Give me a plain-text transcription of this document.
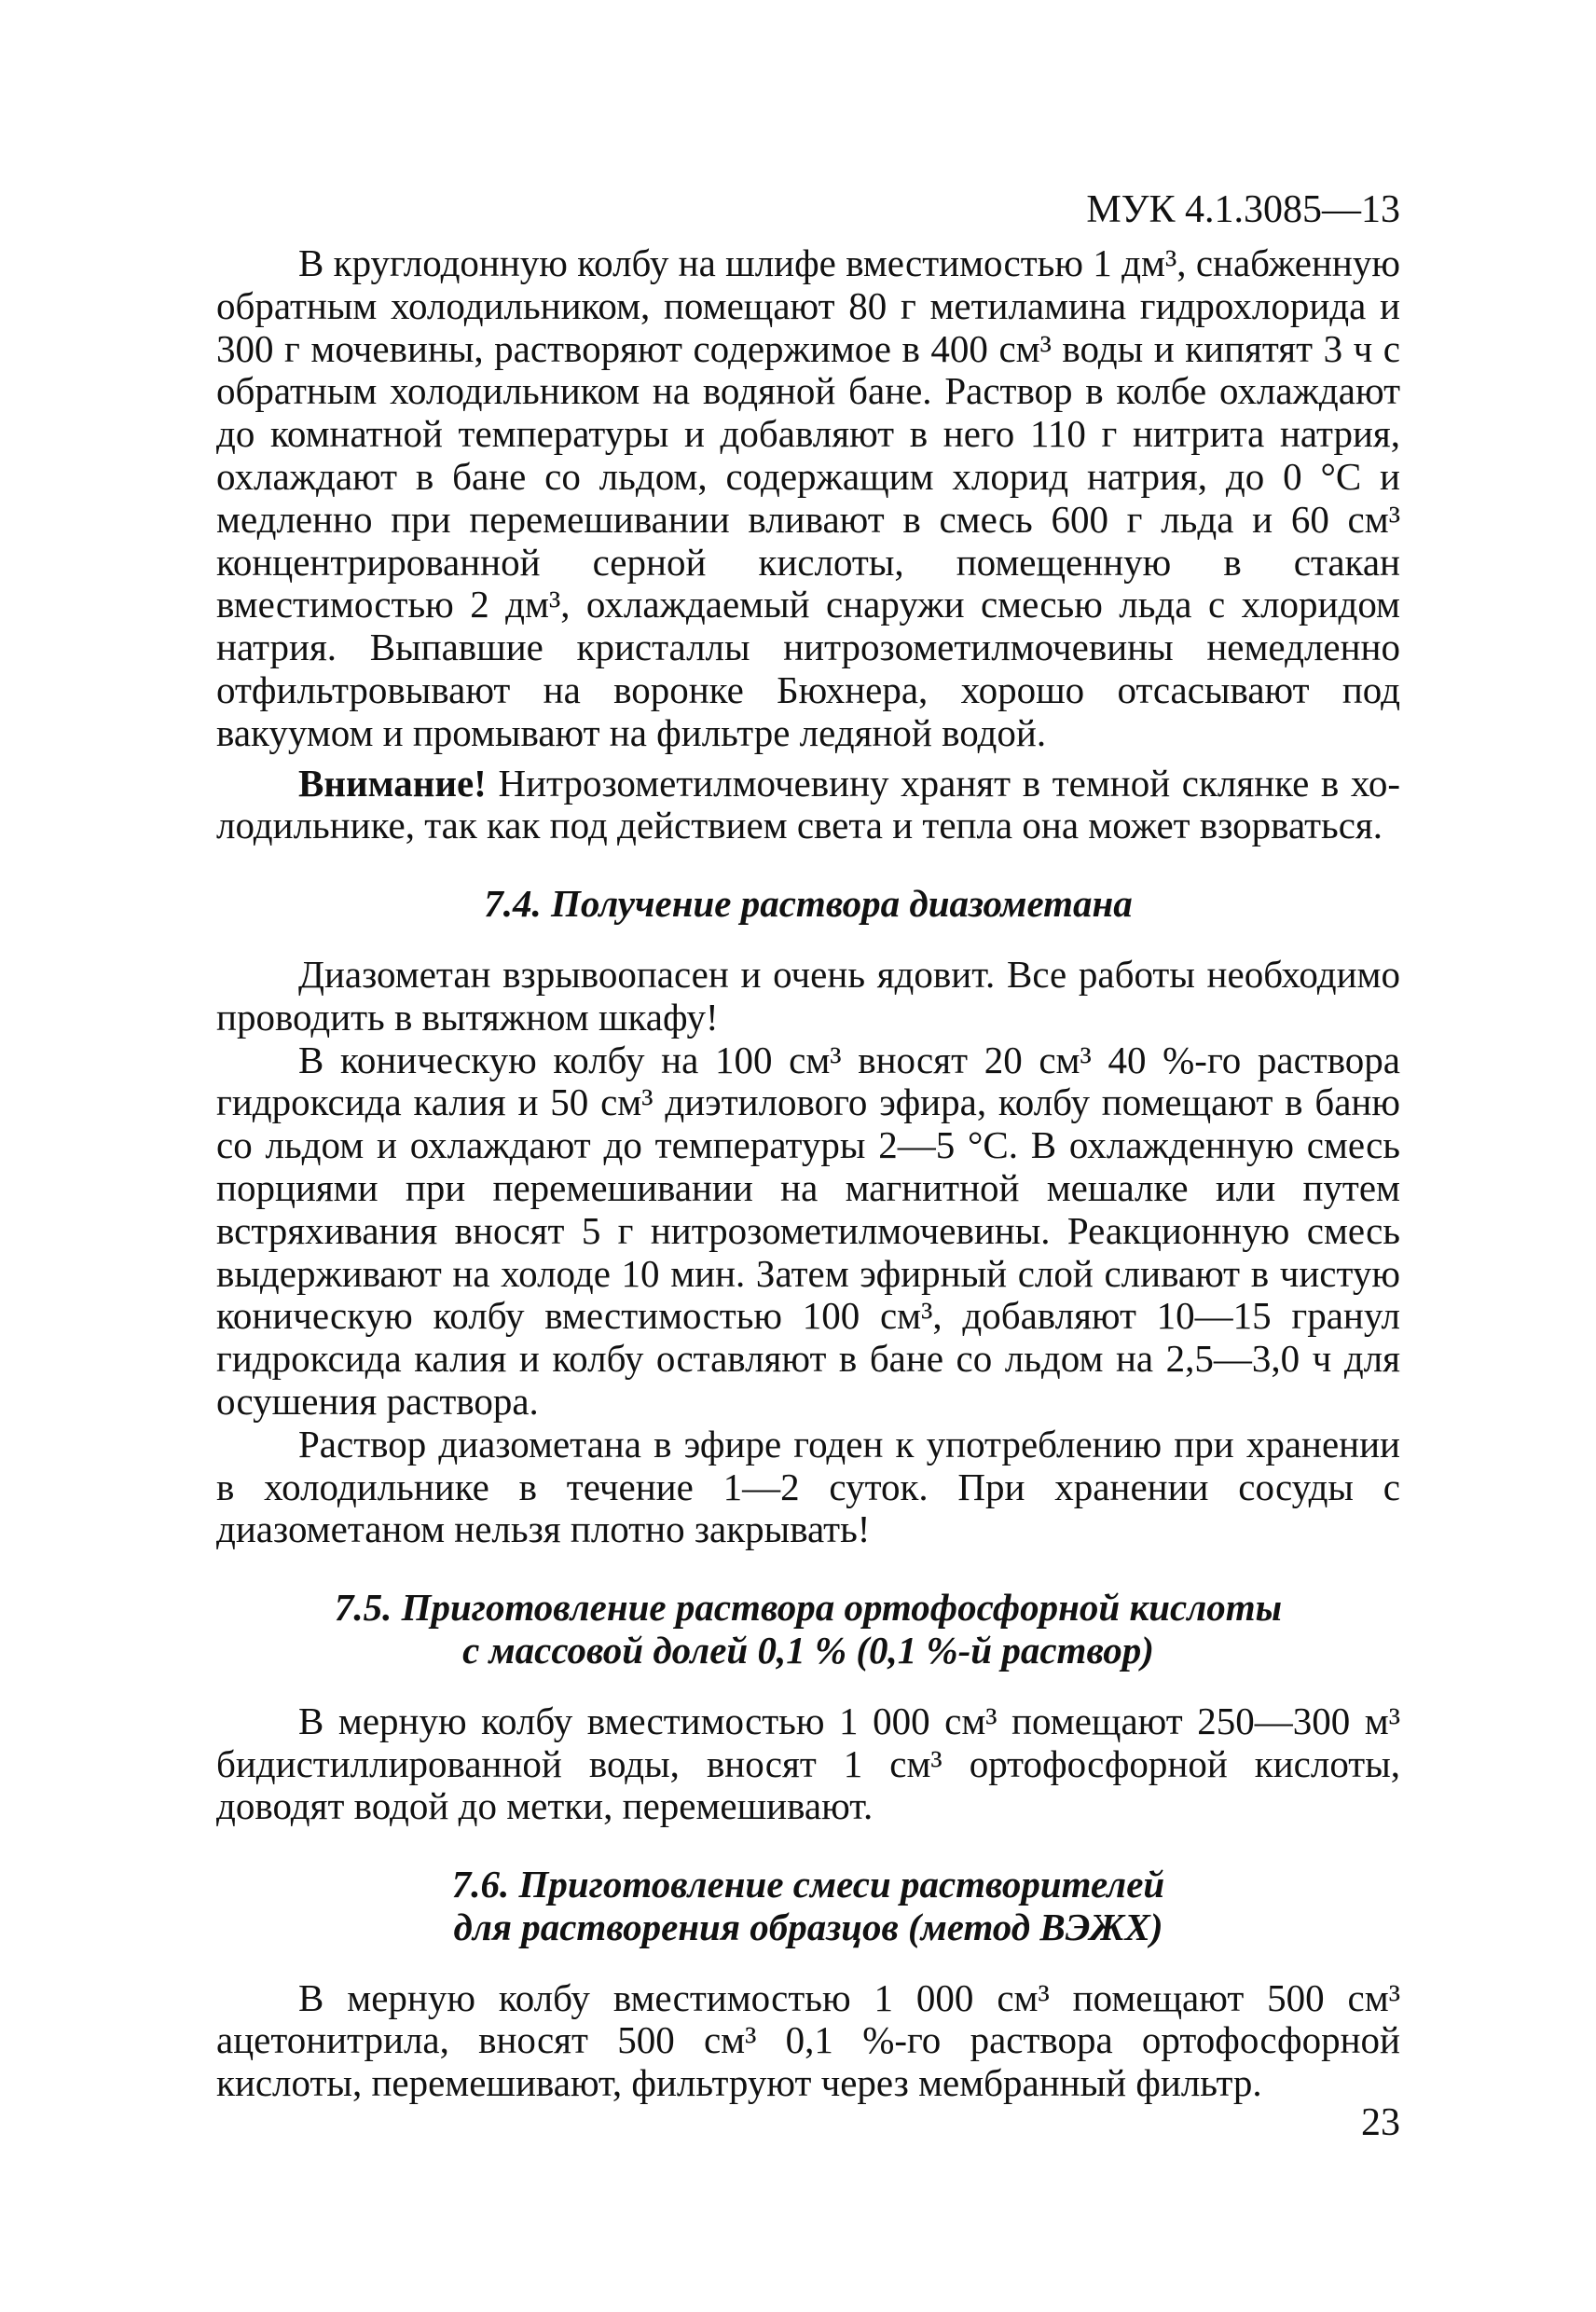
МУК 4.1.3085—13

В круглодонную колбу на шлифе вместимостью 1 дм³, снабженную обратным холодильником, помещают 80 г метиламина гидрохлорида и 300 г мочевины, растворяют содержимое в 400 см³ воды и кипятят 3 ч с обратным холодильником на водяной бане. Раствор в колбе охлаждают до комнатной температуры и добавляют в него 110 г нитрита натрия, охлаждают в бане со льдом, содержащим хлорид натрия, до 0 °С и медленно при перемешивании вливают в смесь 600 г льда и 60 см³ концентрированной серной кислоты, помещенную в стакан вместимостью 2 дм³, охлаждаемый снаружи смесью льда с хлоридом натрия. Выпавшие кристаллы нитрозометилмочевины немедленно отфильтровывают на воронке Бюхнера, хорошо отсасывают под вакуумом и промывают на фильтре ледяной водой.

Внимание! Нитрозометилмочевину хранят в темной склянке в холодильнике, так как под действием света и тепла она может взорваться.

7.4. Получение раствора диазометана

Диазометан взрывоопасен и очень ядовит. Все работы необходимо проводить в вытяжном шкафу!

В коническую колбу на 100 см³ вносят 20 см³ 40 %-го раствора гидроксида калия и 50 см³ диэтилового эфира, колбу помещают в баню со льдом и охлаждают до температуры 2—5 °С. В охлажденную смесь порциями при перемешивании на магнитной мешалке или путем встряхивания вносят 5 г нитрозометилмочевины. Реакционную смесь выдерживают на холоде 10 мин. Затем эфирный слой сливают в чистую коническую колбу вместимостью 100 см³, добавляют 10—15 гранул гидроксида калия и колбу оставляют в бане со льдом на 2,5—3,0 ч для осушения раствора.

Раствор диазометана в эфире годен к употреблению при хранении в холодильнике в течение 1—2 суток. При хранении сосуды с диазометаном нельзя плотно закрывать!

7.5. Приготовление раствора ортофосфорной кислоты
с массовой долей 0,1 % (0,1 %-й раствор)

В мерную колбу вместимостью 1 000 см³ помещают 250—300 м³ бидистиллированной воды, вносят 1 см³ ортофосфорной кислоты, доводят водой до метки, перемешивают.

7.6. Приготовление смеси растворителей
для растворения образцов (метод ВЭЖХ)

В мерную колбу вместимостью 1 000 см³ помещают 500 см³ ацетонитрила, вносят 500 см³ 0,1 %-го раствора ортофосфорной кислоты, перемешивают, фильтруют через мембранный фильтр.

23
